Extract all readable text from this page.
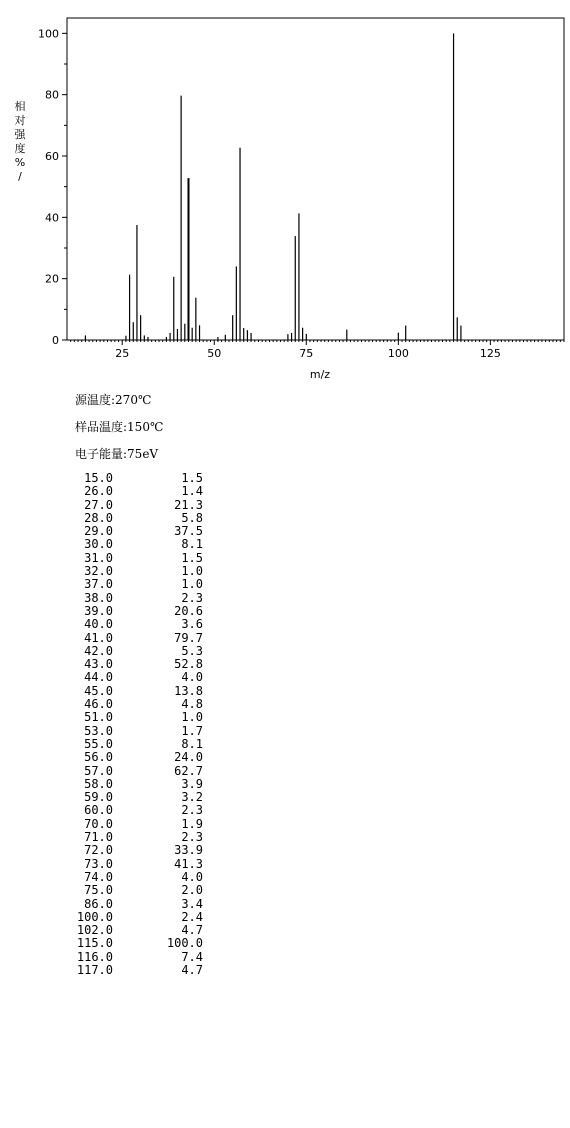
0
20
40
60
80
100
25	50	75	100	125
相对强度% /
m/z
源温度:270℃
样品温度:150℃
电子能量:75eV
15.0	1.5
26.0	1.4
27.0	21.3
28.0	5.8
29.0	37.5
30.0	8.1
31.0	1.5
32.0	1.0
37.0	1.0
38.0	2.3
39.0	20.6
40.0	3.6
41.0	79.7
42.0	5.3
43.0	52.8
44.0	4.0
45.0	13.8
46.0	4.8
51.0	1.0
53.0	1.7
55.0	8.1
56.0	24.0
57.0	62.7
58.0	3.9
59.0	3.2
60.0	2.3
70.0	1.9
71.0	2.3
72.0	33.9
73.0	41.3
74.0	4.0
75.0	2.0
86.0	3.4
100.0	2.4
102.0	4.7
115.0	100.0
116.0	7.4
117.0	4.7
